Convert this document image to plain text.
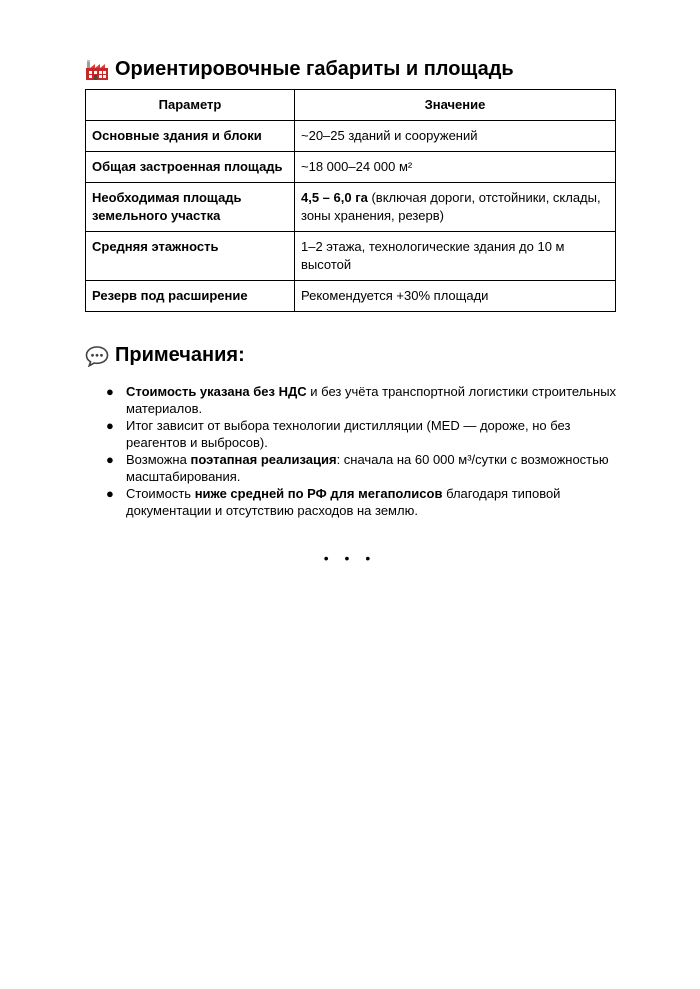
Ориентировочные габариты и площадь
Параметр	Значение
Основные здания и блоки	~20–25 зданий и сооружений
Общая застроенная площадь	~18 000–24 000 м²
Необходимая площадь земельного участка	4,5 – 6,0 га (включая дороги, отстойники, склады, зоны хранения, резерв)
Средняя этажность	1–2 этажа, технологические здания до 10 м высотой
Резерв под расширение	Рекомендуется +30% площади
Примечания:
● Стоимость указана без НДС и без учёта транспортной логистики строительных материалов.
● Итог зависит от выбора технологии дистилляции (MED — дороже, но без реагентов и выбросов).
● Возможна поэтапная реализация: сначала на 60 000 м³/сутки с возможностью масштабирования.
● Стоимость ниже средней по РФ для мегаполисов благодаря типовой документации и отсутствию расходов на землю.
• • •
